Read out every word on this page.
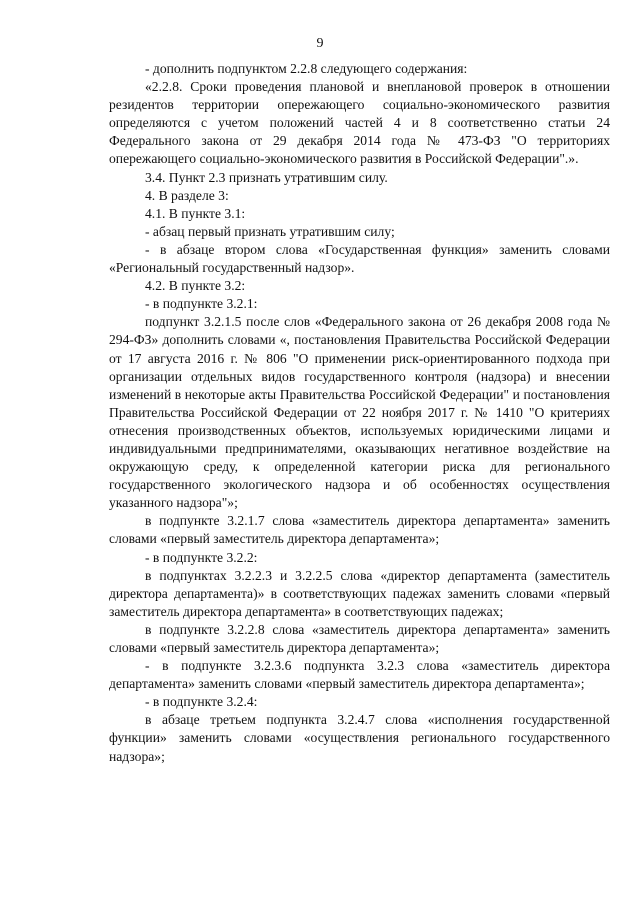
9

- дополнить подпунктом 2.2.8 следующего содержания:

«2.2.8. Сроки проведения плановой и внеплановой проверок в отношении резидентов территории опережающего социально-экономического развития определяются с учетом положений частей 4 и 8 соответственно статьи 24 Федерального закона от 29 декабря 2014 года № 473-ФЗ "О территориях опережающего социально-экономического развития в Российской Федерации".».

3.4. Пункт 2.3 признать утратившим силу.

4. В разделе 3:

4.1. В пункте 3.1:

- абзац первый признать утратившим силу;

- в абзаце втором слова «Государственная функция» заменить словами «Региональный государственный надзор».

4.2. В пункте 3.2:

- в подпункте 3.2.1:

подпункт 3.2.1.5 после слов «Федерального закона от 26 декабря 2008 года № 294-ФЗ» дополнить словами «, постановления Правительства Российской Федерации от 17 августа 2016 г. № 806 "О применении риск-ориентированного подхода при организации отдельных видов государственного контроля (надзора) и внесении изменений в некоторые акты Правительства Российской Федерации" и постановления Правительства Российской Федерации от 22 ноября 2017 г. № 1410 "О критериях отнесения производственных объектов, используемых юридическими лицами и индивидуальными предпринимателями, оказывающих негативное воздействие на окружающую среду, к определенной категории риска для регионального государственного экологического надзора и об особенностях осуществления указанного надзора"»;

в подпункте 3.2.1.7 слова «заместитель директора департамента» заменить словами «первый заместитель директора департамента»;

- в подпункте 3.2.2:

в подпунктах 3.2.2.3 и 3.2.2.5 слова «директор департамента (заместитель директора департамента)» в соответствующих падежах заменить словами «первый заместитель директора департамента» в соответствующих падежах;

в подпункте 3.2.2.8 слова «заместитель директора департамента» заменить словами «первый заместитель директора департамента»;

- в подпункте 3.2.3.6 подпункта 3.2.3 слова «заместитель директора департамента» заменить словами «первый заместитель директора департамента»;

- в подпункте 3.2.4:

в абзаце третьем подпункта 3.2.4.7 слова «исполнения государственной функции» заменить словами «осуществления регионального государственного надзора»;
